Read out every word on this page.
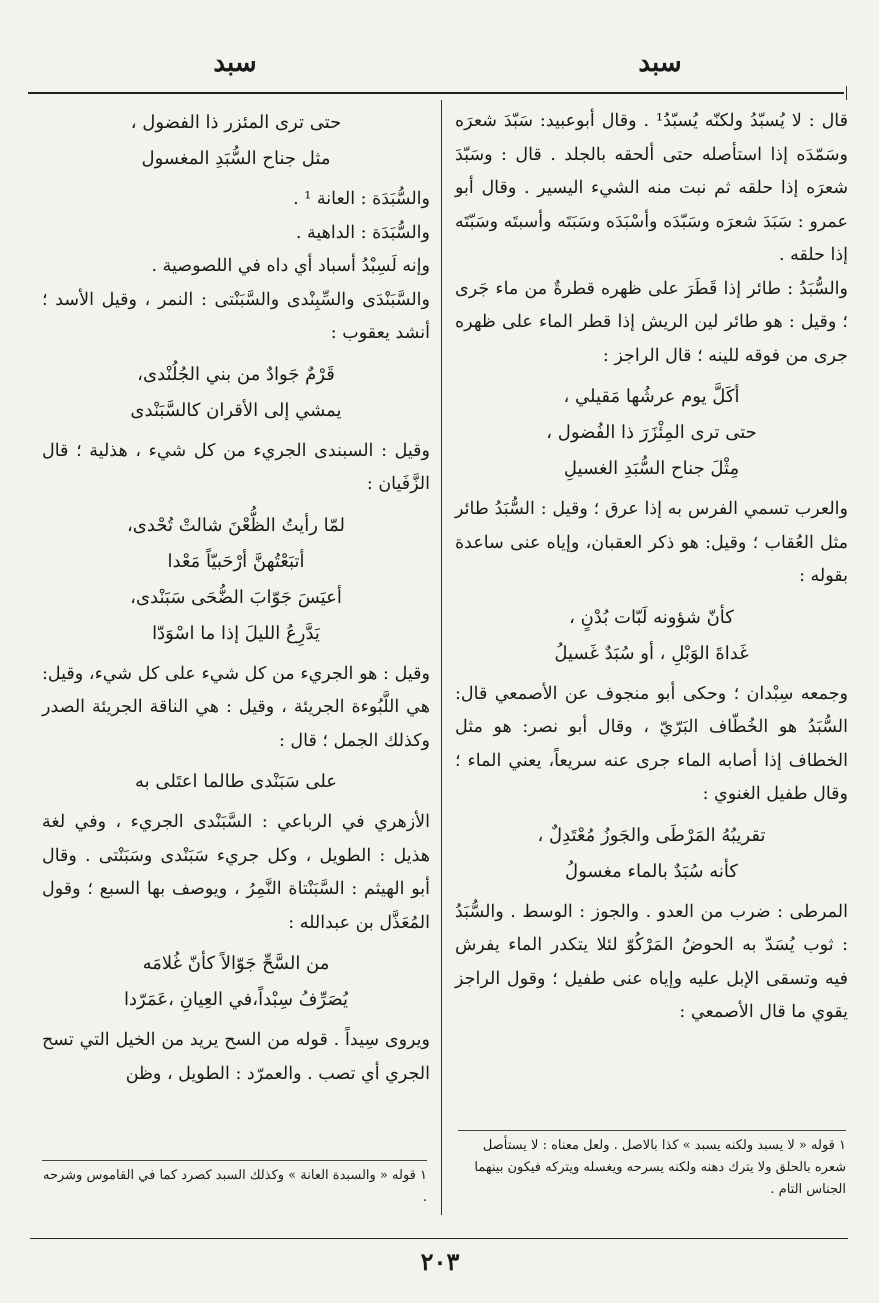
سبد
سبد

قال : لا يُسبّدُ ولكنّه يُسبّدُ¹ . وقال أبوعبيد: سَبّدَ شعرَه وسَمّدَه إذا استأصله حتى ألحقه بالجلد . قال : وسَبّدَ شعرَه إذا حلقه ثم نبت منه الشيء اليسير . وقال أبو عمرو : سَبَدَ شعرَه وسَبّدَه وأسْبَدَه وسَبَتَه وأسبتَه وسَبّتَه إذا حلقه .

والسُّبَدُ : طائر إذا قَطَرَ على ظهره قطرةٌ من ماء جَرى ؛ وقيل : هو طائر لين الريش إذا قطر الماء على ظهره جرى من فوقه للينه ؛ قال الراجز :

أكَلَّ يوم عرشُها مَقيلي ،

حتى ترى المِئْزَرَ ذا الفُضول ،

مِثْلَ جناح السُّبَدِ الغسيلِ

والعرب تسمي الفرس به إذا عرق ؛ وقيل : السُّبَدُ طائر مثل العُقاب ؛ وقيل: هو ذكر العقبان، وإياه عنى ساعدة بقوله :

كأنّ شؤونه لَبّات بُدْنٍ ،

غَداةَ الوَبْلِ ، أو سُبَدٌ غَسيلُ

وجمعه سِبْدان ؛ وحكى أبو منجوف عن الأصمعي قال: السُّبَدُ هو الخُطّاف البَرّيّ ، وقال أبو نصر: هو مثل الخطاف إذا أصابه الماء جرى عنه سريعاً، يعني الماء ؛ وقال طفيل الغنوي :

تقريبُهُ المَرْطَى والجَوزُ مُعْتَدِلٌ ،

كأنه سُبَدٌ بالماء مغسولُ

المرطى : ضرب من العدو . والجوز : الوسط . والسُّبَدُ : ثوب يُسَدّ به الحوضُ المَرْكُوّ لئلا يتكدر الماء يفرش فيه وتسقى الإبل عليه وإياه عنى طفيل ؛ وقول الراجز يقوي ما قال الأصمعي :

حتى ترى المئزر ذا الفضول ،

مثل جناح السُّبَدِ المغسول

والسُّبَدَة : العانة ¹ .

والسُّبَدَة : الداهية .

وإنه لَسِبْدُ أسباد أي داه في اللصوصية .

والسَّبَنْدَى والسِّبِنْدى والسَّبَنْتى : النمر ، وقيل الأسد ؛ أنشد يعقوب :

قَرْمٌ جَوادٌ من بني الجُلُنْدى،

يمشي إلى الأقران كالسَّبَنْدى

وقيل : السبندى الجريء من كل شيء ، هذلية ؛ قال الزَّفَيان :

لمّا رأيتُ الظُّعْنَ شالتْ تُحْدى،

أتبَعْتُهنَّ أرْحَبيّاً مَعْدا

أعيَسَ جَوّابَ الضُّحَى سَبَنْدى،

يَدَّرِعُ الليلَ إذا ما اسْوَدّا

وقيل : هو الجريء من كل شيء على كل شيء، وقيل: هي اللَّبُوءة الجريئة ، وقيل : هي الناقة الجريئة الصدر وكذلك الجمل ؛ قال :

على سَبَنْدى طالما اعتَلى به

الأزهري في الرباعي : السَّبَنْدى الجريء ، وفي لغة هذيل : الطويل ، وكل جريء سَبَنْدى وسَبَنْتى . وقال أبو الهيثم : السَّبَنْتاة النَّمِرُ ، ويوصف بها السبع ؛ وقول المُعَذَّل بن عبدالله :

من السَّحِّ جَوّالاً كأنّ غُلامَه

يُصَرِّفُ سِبْداً،في العِيانِ ،عَمَرّدا

ويروى سِيداً . قوله من السح يريد من الخيل التي تسح الجري أي تصب . والعمرّد : الطويل ، وظن

١ قوله « لا يسبد ولكنه يسبد » كذا بالاصل . ولعل معناه : لا يستأصل شعره بالحلق ولا يترك دهنه ولكنه يسرحه ويغسله ويتركه فيكون بينهما الجناس التام .
١ قوله « والسبدة العانة » وكذلك السبد كصرد كما في القاموس وشرحه .
٢٠٣
